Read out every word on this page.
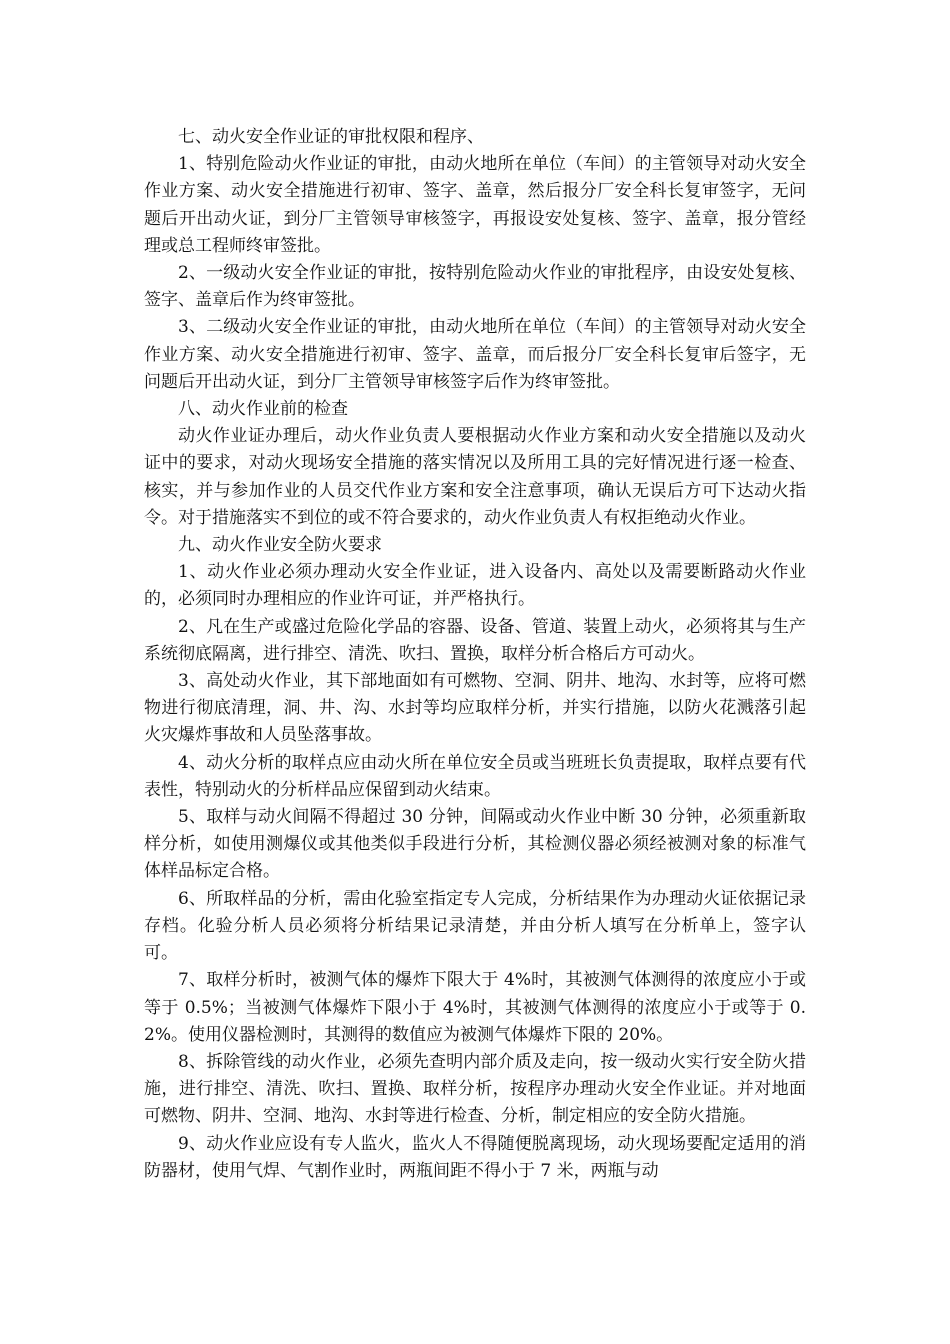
七、动火安全作业证的审批权限和程序、

1、特别危险动火作业证的审批，由动火地所在单位（车间）的主管领导对动火安全作业方案、动火安全措施进行初审、签字、盖章，然后报分厂安全科长复审签字，无问题后开出动火证，到分厂主管领导审核签字，再报设安处复核、签字、盖章，报分管经理或总工程师终审签批。

2、一级动火安全作业证的审批，按特别危险动火作业的审批程序，由设安处复核、签字、盖章后作为终审签批。

3、二级动火安全作业证的审批，由动火地所在单位（车间）的主管领导对动火安全作业方案、动火安全措施进行初审、签字、盖章，而后报分厂安全科长复审后签字，无问题后开出动火证，到分厂主管领导审核签字后作为终审签批。

八、动火作业前的检查

动火作业证办理后，动火作业负责人要根据动火作业方案和动火安全措施以及动火证中的要求，对动火现场安全措施的落实情况以及所用工具的完好情况进行逐一检查、核实，并与参加作业的人员交代作业方案和安全注意事项，确认无误后方可下达动火指令。对于措施落实不到位的或不符合要求的，动火作业负责人有权拒绝动火作业。

九、动火作业安全防火要求

1、动火作业必须办理动火安全作业证，进入设备内、高处以及需要断路动火作业的，必须同时办理相应的作业许可证，并严格执行。

2、凡在生产或盛过危险化学品的容器、设备、管道、装置上动火，必须将其与生产系统彻底隔离，进行排空、清洗、吹扫、置换，取样分析合格后方可动火。

3、高处动火作业，其下部地面如有可燃物、空洞、阴井、地沟、水封等，应将可燃物进行彻底清理，洞、井、沟、水封等均应取样分析，并实行措施，以防火花溅落引起火灾爆炸事故和人员坠落事故。

4、动火分析的取样点应由动火所在单位安全员或当班班长负责提取，取样点要有代表性，特别动火的分析样品应保留到动火结束。

5、取样与动火间隔不得超过 30 分钟，间隔或动火作业中断 30 分钟，必须重新取样分析，如使用测爆仪或其他类似手段进行分析，其检测仪器必须经被测对象的标准气体样品标定合格。

6、所取样品的分析，需由化验室指定专人完成，分析结果作为办理动火证依据记录存档。化验分析人员必须将分析结果记录清楚，并由分析人填写在分析单上，签字认可。

7、取样分析时，被测气体的爆炸下限大于 4%时，其被测气体测得的浓度应小于或等于 0.5%；当被测气体爆炸下限小于 4%时，其被测气体测得的浓度应小于或等于 0.2%。使用仪器检测时，其测得的数值应为被测气体爆炸下限的 20%。

8、拆除管线的动火作业，必须先查明内部介质及走向，按一级动火实行安全防火措施，进行排空、清洗、吹扫、置换、取样分析，按程序办理动火安全作业证。并对地面可燃物、阴井、空洞、地沟、水封等进行检查、分析，制定相应的安全防火措施。

9、动火作业应设有专人监火，监火人不得随便脱离现场，动火现场要配定适用的消防器材，使用气焊、气割作业时，两瓶间距不得小于 7 米，两瓶与动
